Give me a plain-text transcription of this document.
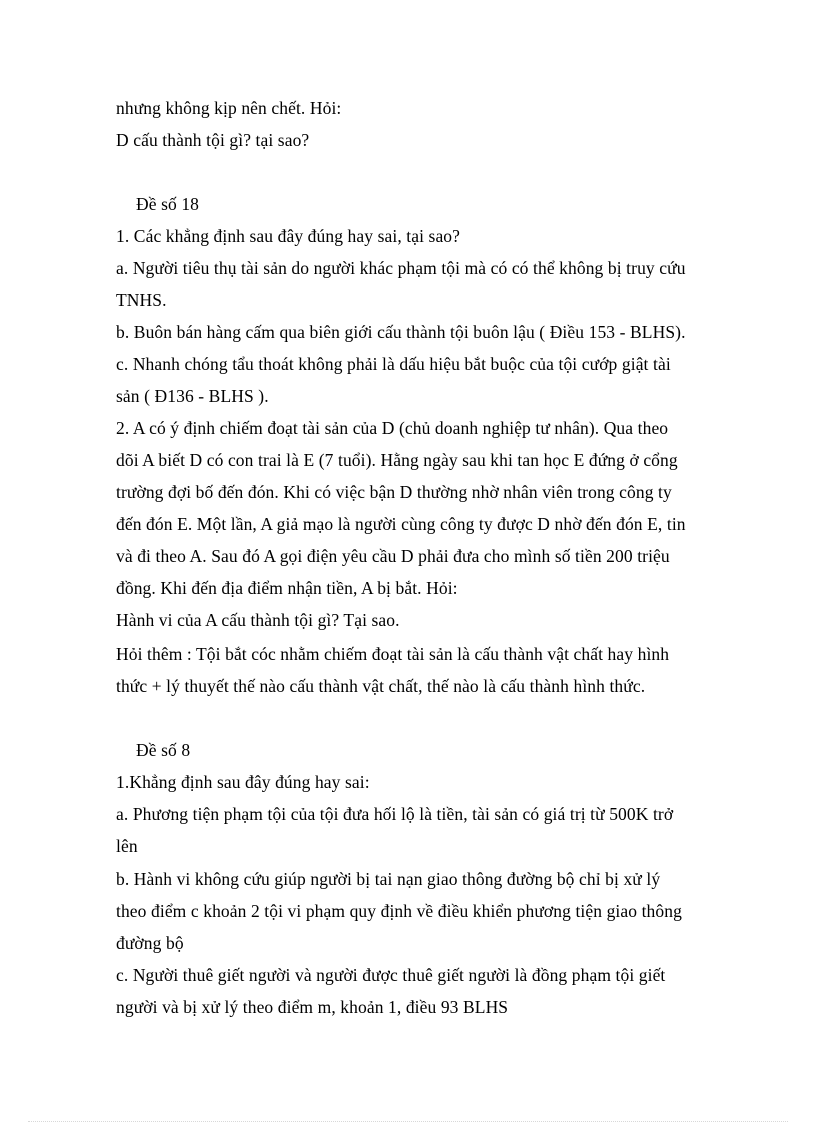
nhưng không kịp nên chết. Hỏi:
D cấu thành tội gì? tại sao?
Đề số 18
1. Các khẳng định sau đây đúng hay sai, tại sao?
a. Người tiêu thụ tài sản do người khác phạm tội mà có có thể không bị truy cứu
TNHS.
b. Buôn bán hàng cấm qua biên giới cấu thành tội buôn lậu ( Điều 153 - BLHS).
c. Nhanh chóng tẩu thoát không phải là dấu hiệu bắt buộc của tội cướp giật tài
sản ( Đ136 - BLHS ).
2. A có ý định chiếm đoạt tài sản của D (chủ doanh nghiệp tư nhân). Qua theo
dõi A biết D có con trai là E (7 tuổi). Hằng ngày sau khi tan học E đứng ở cổng
trường đợi bố đến đón. Khi có việc bận D thường nhờ nhân viên trong công ty
đến đón E. Một lần, A giả mạo là người cùng công ty được D nhờ đến đón E, tin
và đi theo A. Sau đó A gọi điện yêu cầu D phải đưa cho mình số tiền 200 triệu
đồng. Khi đến địa điểm nhận tiền, A bị bắt. Hỏi:
Hành vi của A cấu thành tội gì? Tại sao.
Hỏi thêm : Tội bắt cóc nhằm chiếm đoạt tài sản là cấu thành vật chất hay hình
thức + lý thuyết thế nào cấu thành vật chất, thế nào là cấu thành hình thức.
Đề số 8
1.Khẳng định sau đây đúng hay sai:
a. Phương tiện phạm tội của tội đưa hối lộ là tiền, tài sản có giá trị từ 500K trở
lên
b. Hành vi không cứu giúp người bị tai nạn giao thông đường bộ chỉ bị xử lý
theo điểm c khoản 2 tội vi phạm quy định về điều khiển phương tiện giao thông
đường bộ
c. Người thuê giết người và người được thuê giết người là đồng phạm tội giết
người và bị xử lý theo điểm m, khoản 1, điều 93 BLHS
